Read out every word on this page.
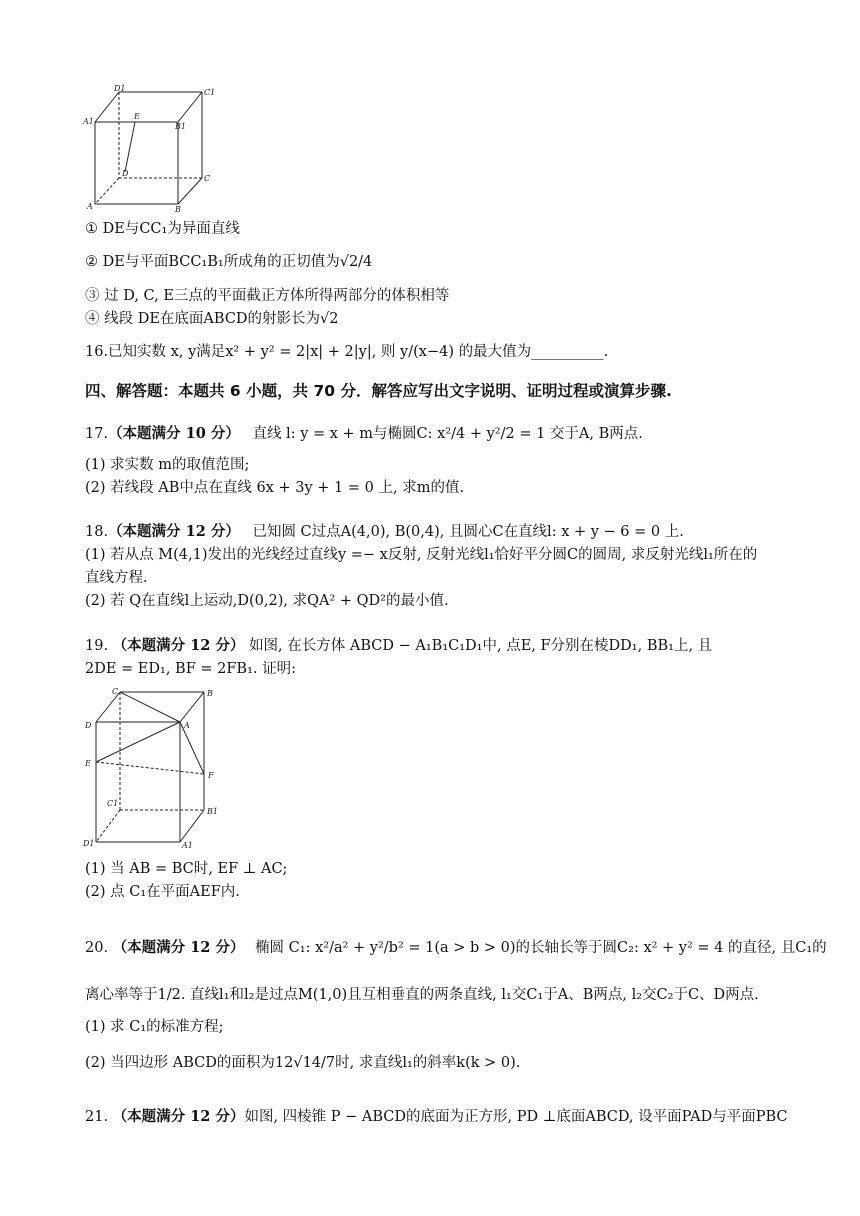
D1	C1
A1
E
B1
D
C
A	B
① DE与CC₁为异面直线
② DE与平面BCC₁B₁所成角的正切值为√2/4
③ 过 D, C, E三点的平面截正方体所得两部分的体积相等
④ 线段 DE在底面ABCD的射影长为√2
16.已知实数 x, y满足x² + y² = 2|x| + 2|y|, 则 y/(x−4) 的最大值为__________.
四、解答题：本题共 6 小题，共 70 分．解答应写出文字说明、证明过程或演算步骤.
17.（本题满分 10 分） 直线 l: y = x + m与椭圆C: x²/4 + y²/2 = 1 交于A, B两点.
(1) 求实数 m的取值范围;
(2) 若线段 AB中点在直线 6x + 3y + 1 = 0 上, 求m的值.
18.（本题满分 12 分） 已知圆 C过点A(4,0), B(0,4), 且圆心C在直线l: x + y − 6 = 0 上.
(1) 若从点 M(4,1)发出的光线经过直线y =− x反射, 反射光线l₁恰好平分圆C的圆周, 求反射光线l₁所在的
直线方程.
(2) 若 Q在直线l上运动,D(0,2), 求QA² + QD²的最小值.
19. （本题满分 12 分） 如图, 在长方体 ABCD − A₁B₁C₁D₁中, 点E, F分别在棱DD₁, BB₁上, 且
2DE = ED₁, BF = 2FB₁. 证明:
C	B
D	A
E
F
C1
B1
D1	A1
(1) 当 AB = BC时, EF ⊥ AC;
(2) 点 C₁在平面AEF内.
20. （本题满分 12 分） 椭圆 C₁: x²/a² + y²/b² = 1(a > b > 0)的长轴长等于圆C₂: x² + y² = 4 的直径, 且C₁的
离心率等于1/2. 直线l₁和l₂是过点M(1,0)且互相垂直的两条直线, l₁交C₁于A、B两点, l₂交C₂于C、D两点.
(1) 求 C₁的标准方程;
(2) 当四边形 ABCD的面积为12√14/7时, 求直线l₁的斜率k(k > 0).
21. （本题满分 12 分）如图, 四棱锥 P − ABCD的底面为正方形, PD ⊥底面ABCD, 设平面PAD与平面PBC
